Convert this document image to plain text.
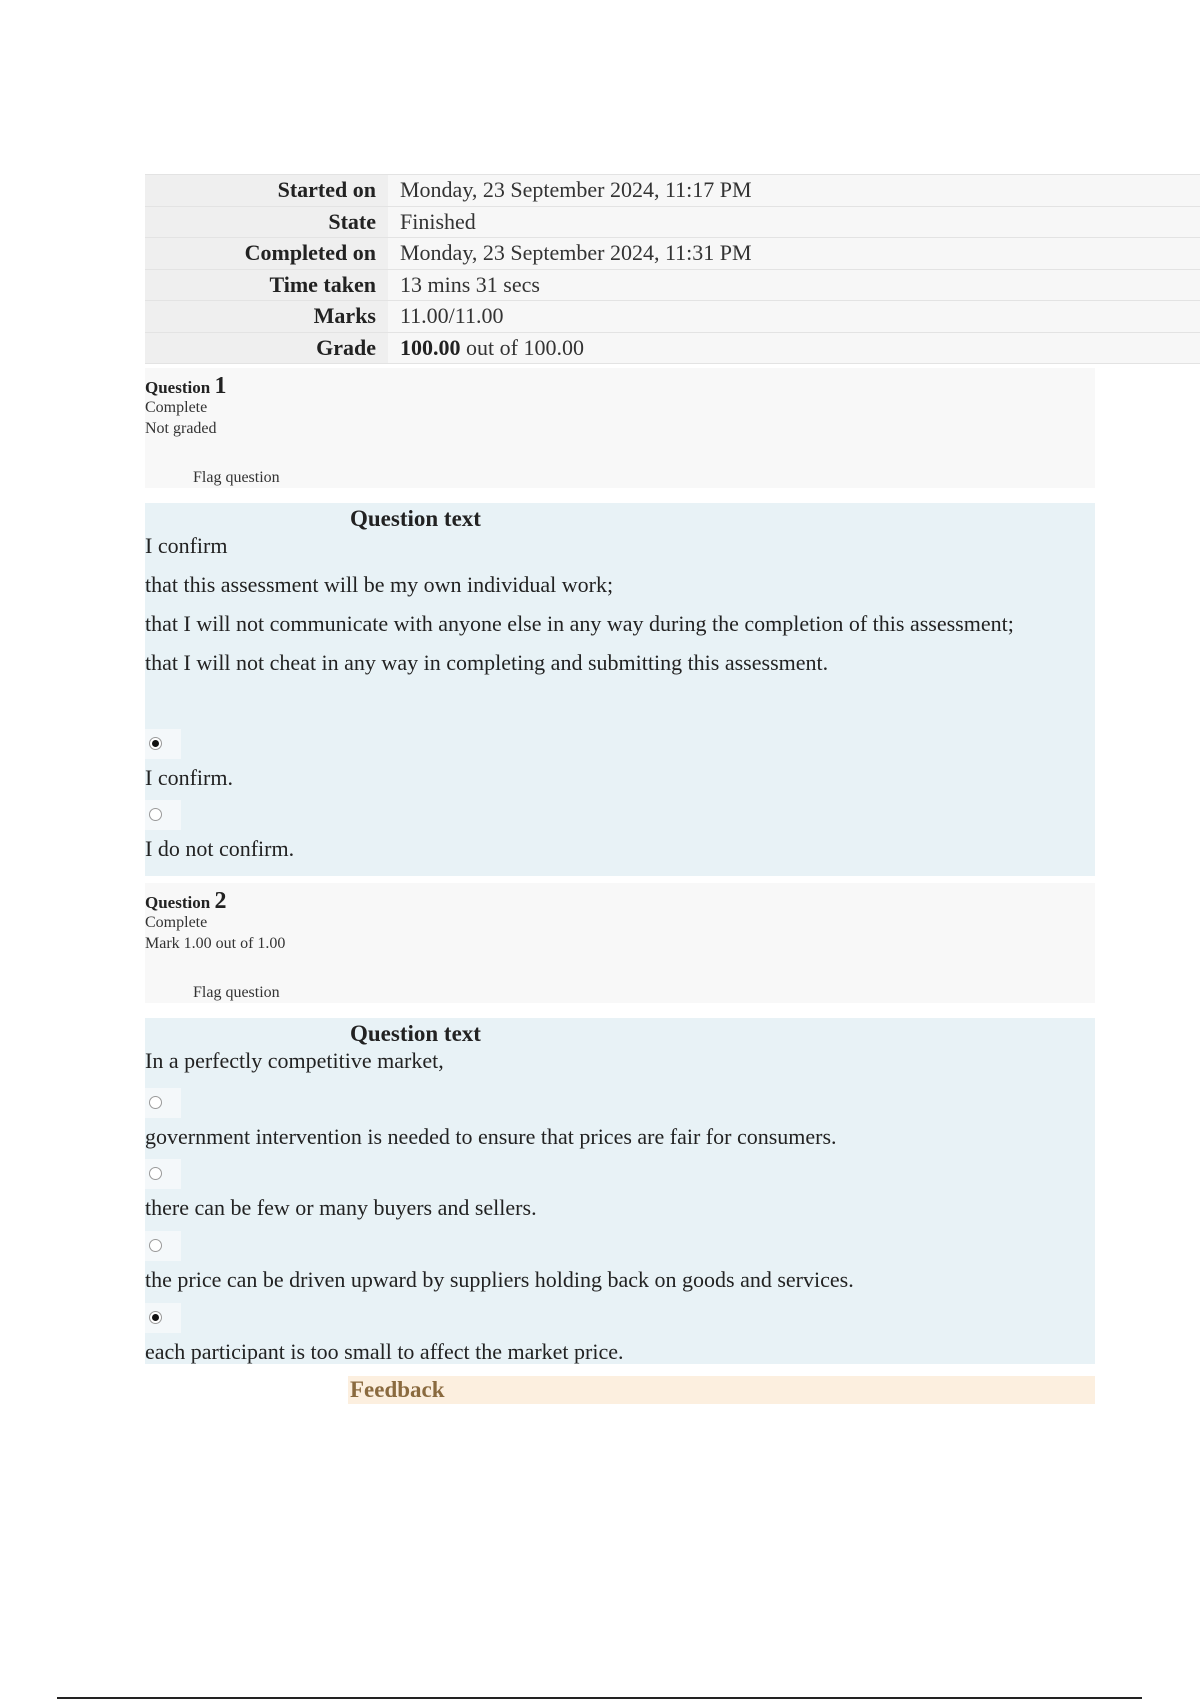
Started on	Monday, 23 September 2024, 11:17 PM
State	Finished
Completed on	Monday, 23 September 2024, 11:31 PM
Time taken	13 mins 31 secs
Marks	11.00/11.00
Grade	100.00 out of 100.00
Question 1
Complete
Not graded
Flag question
Question text
I confirm
that this assessment will be my own individual work;
that I will not communicate with anyone else in any way during the completion of this assessment;
that I will not cheat in any way in completing and submitting this assessment.
I confirm.
I do not confirm.
Question 2
Complete
Mark 1.00 out of 1.00
Flag question
Question text
In a perfectly competitive market,
government intervention is needed to ensure that prices are fair for consumers.
there can be few or many buyers and sellers.
the price can be driven upward by suppliers holding back on goods and services.
each participant is too small to affect the market price.
Feedback
